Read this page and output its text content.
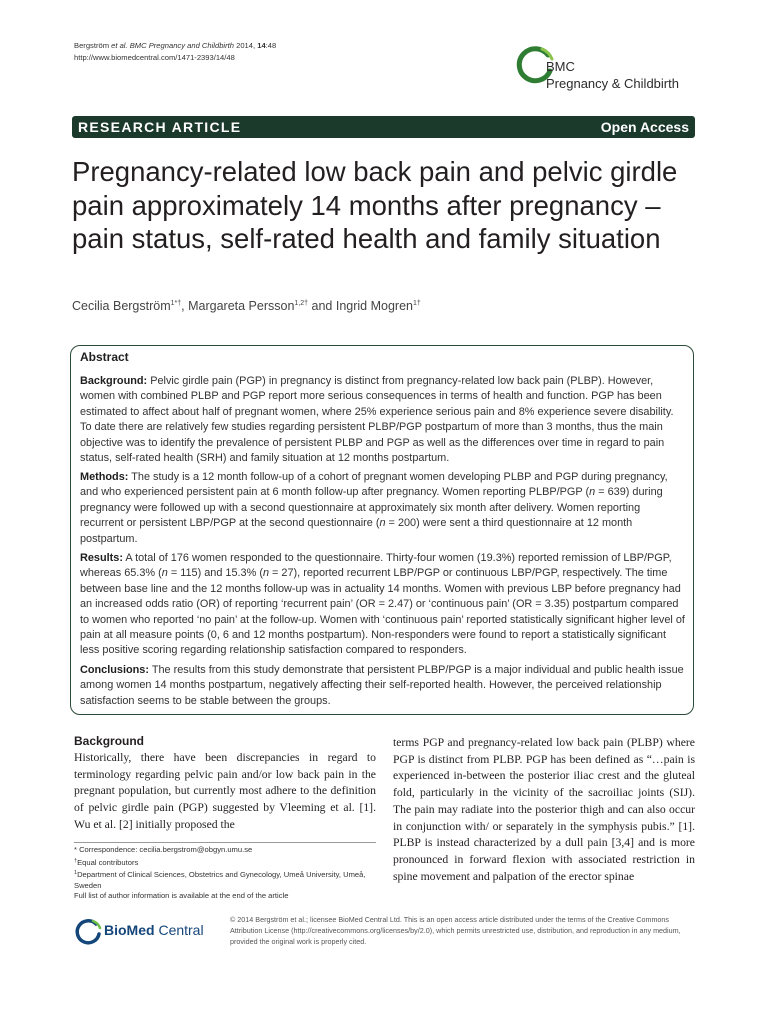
Bergström et al. BMC Pregnancy and Childbirth 2014, 14:48
http://www.biomedcentral.com/1471-2393/14/48
BMC
Pregnancy & Childbirth
RESEARCH ARTICLE	Open Access
Pregnancy-related low back pain and pelvic girdle pain approximately 14 months after pregnancy – pain status, self-rated health and family situation
Cecilia Bergström$^{1*\dagger}$, Margareta Persson$^{1,2\dagger}$ and Ingrid Mogren$^{1\dagger}$
Abstract
Background: Pelvic girdle pain (PGP) in pregnancy is distinct from pregnancy-related low back pain (PLBP). However, women with combined PLBP and PGP report more serious consequences in terms of health and function. PGP has been estimated to affect about half of pregnant women, where 25% experience serious pain and 8% experience severe disability. To date there are relatively few studies regarding persistent PLBP/PGP postpartum of more than 3 months, thus the main objective was to identify the prevalence of persistent PLBP and PGP as well as the differences over time in regard to pain status, self-rated health (SRH) and family situation at 12 months postpartum.
Methods: The study is a 12 month follow-up of a cohort of pregnant women developing PLBP and PGP during pregnancy, and who experienced persistent pain at 6 month follow-up after pregnancy. Women reporting PLBP/PGP (n = 639) during pregnancy were followed up with a second questionnaire at approximately six month after delivery. Women reporting recurrent or persistent LBP/PGP at the second questionnaire (n = 200) were sent a third questionnaire at 12 month postpartum.
Results: A total of 176 women responded to the questionnaire. Thirty-four women (19.3%) reported remission of LBP/PGP, whereas 65.3% (n = 115) and 15.3% (n = 27), reported recurrent LBP/PGP or continuous LBP/PGP, respectively. The time between base line and the 12 months follow-up was in actuality 14 months. Women with previous LBP before pregnancy had an increased odds ratio (OR) of reporting ‘recurrent pain’ (OR = 2.47) or ‘continuous pain’ (OR = 3.35) postpartum compared to women who reported ‘no pain’ at the follow-up. Women with ‘continuous pain’ reported statistically significant higher level of pain at all measure points (0, 6 and 12 months postpartum). Non-responders were found to report a statistically significant less positive scoring regarding relationship satisfaction compared to responders.
Conclusions: The results from this study demonstrate that persistent PLBP/PGP is a major individual and public health issue among women 14 months postpartum, negatively affecting their self-reported health. However, the perceived relationship satisfaction seems to be stable between the groups.
Background
Historically, there have been discrepancies in regard to terminology regarding pelvic pain and/or low back pain in the pregnant population, but currently most adhere to the definition of pelvic girdle pain (PGP) suggested by Vleeming et al. [1]. Wu et al. [2] initially proposed the
terms PGP and pregnancy-related low back pain (PLBP) where PGP is distinct from PLBP. PGP has been defined as “…pain is experienced in-between the posterior iliac crest and the gluteal fold, particularly in the vicinity of the sacroiliac joints (SIJ). The pain may radiate into the posterior thigh and can also occur in conjunction with/ or separately in the symphysis pubis.” [1]. PLBP is instead characterized by a dull pain [3,4] and is more pronounced in forward flexion with associated restriction in spine movement and palpation of the erector spinae
* Correspondence: cecilia.bergstrom@obgyn.umu.se
†Equal contributors
$^1$Department of Clinical Sciences, Obstetrics and Gynecology, Umeå University, Umeå, Sweden
Full list of author information is available at the end of the article
BioMed Central
© 2014 Bergström et al.; licensee BioMed Central Ltd. This is an open access article distributed under the terms of the Creative Commons Attribution License (http://creativecommons.org/licenses/by/2.0), which permits unrestricted use, distribution, and reproduction in any medium, provided the original work is properly cited.
